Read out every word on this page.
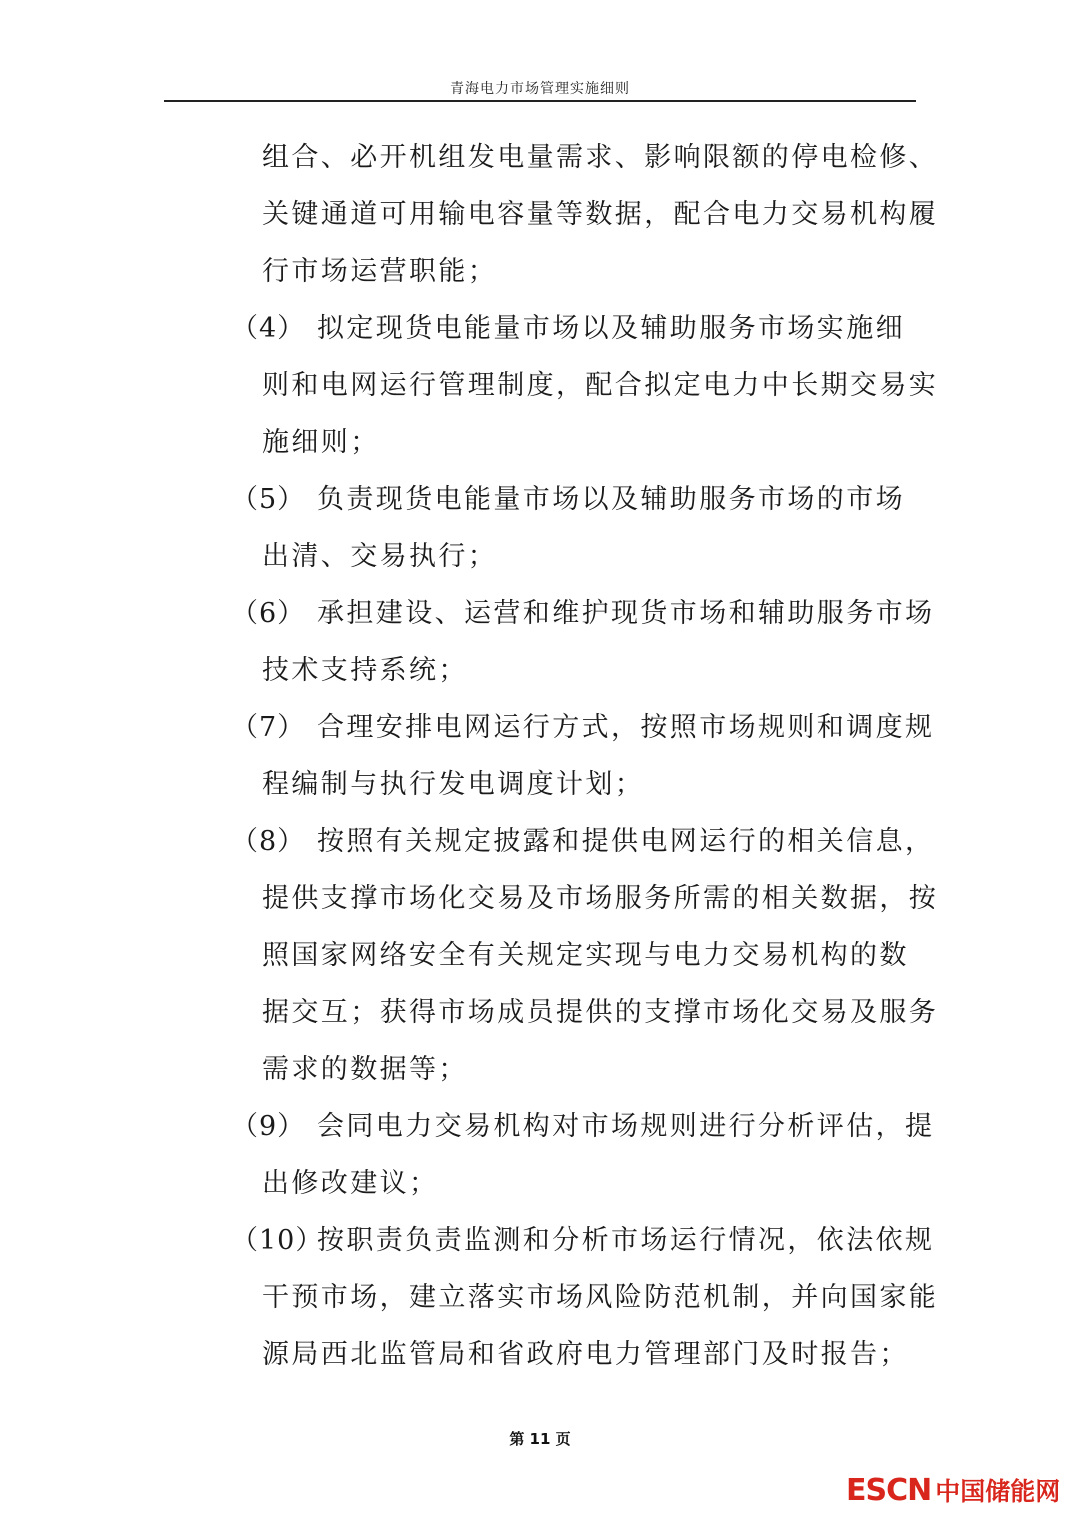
青海电力市场管理实施细则
组合、必开机组发电量需求、影响限额的停电检修、
关键通道可用输电容量等数据，配合电力交易机构履
行市场运营职能；
（4） 拟定现货电能量市场以及辅助服务市场实施细
则和电网运行管理制度，配合拟定电力中长期交易实
施细则；
（5） 负责现货电能量市场以及辅助服务市场的市场
出清、交易执行；
（6） 承担建设、运营和维护现货市场和辅助服务市场
技术支持系统；
（7） 合理安排电网运行方式，按照市场规则和调度规
程编制与执行发电调度计划；
（8） 按照有关规定披露和提供电网运行的相关信息，
提供支撑市场化交易及市场服务所需的相关数据，按
照国家网络安全有关规定实现与电力交易机构的数
据交互；获得市场成员提供的支撑市场化交易及服务
需求的数据等；
（9） 会同电力交易机构对市场规则进行分析评估，提
出修改建议；
（10）
按职责负责监测和分析市场运行情况，依法依规
干预市场，建立落实市场风险防范机制，并向国家能
源局西北监管局和省政府电力管理部门及时报告；
第 11 页
ESCN 中国储能网
